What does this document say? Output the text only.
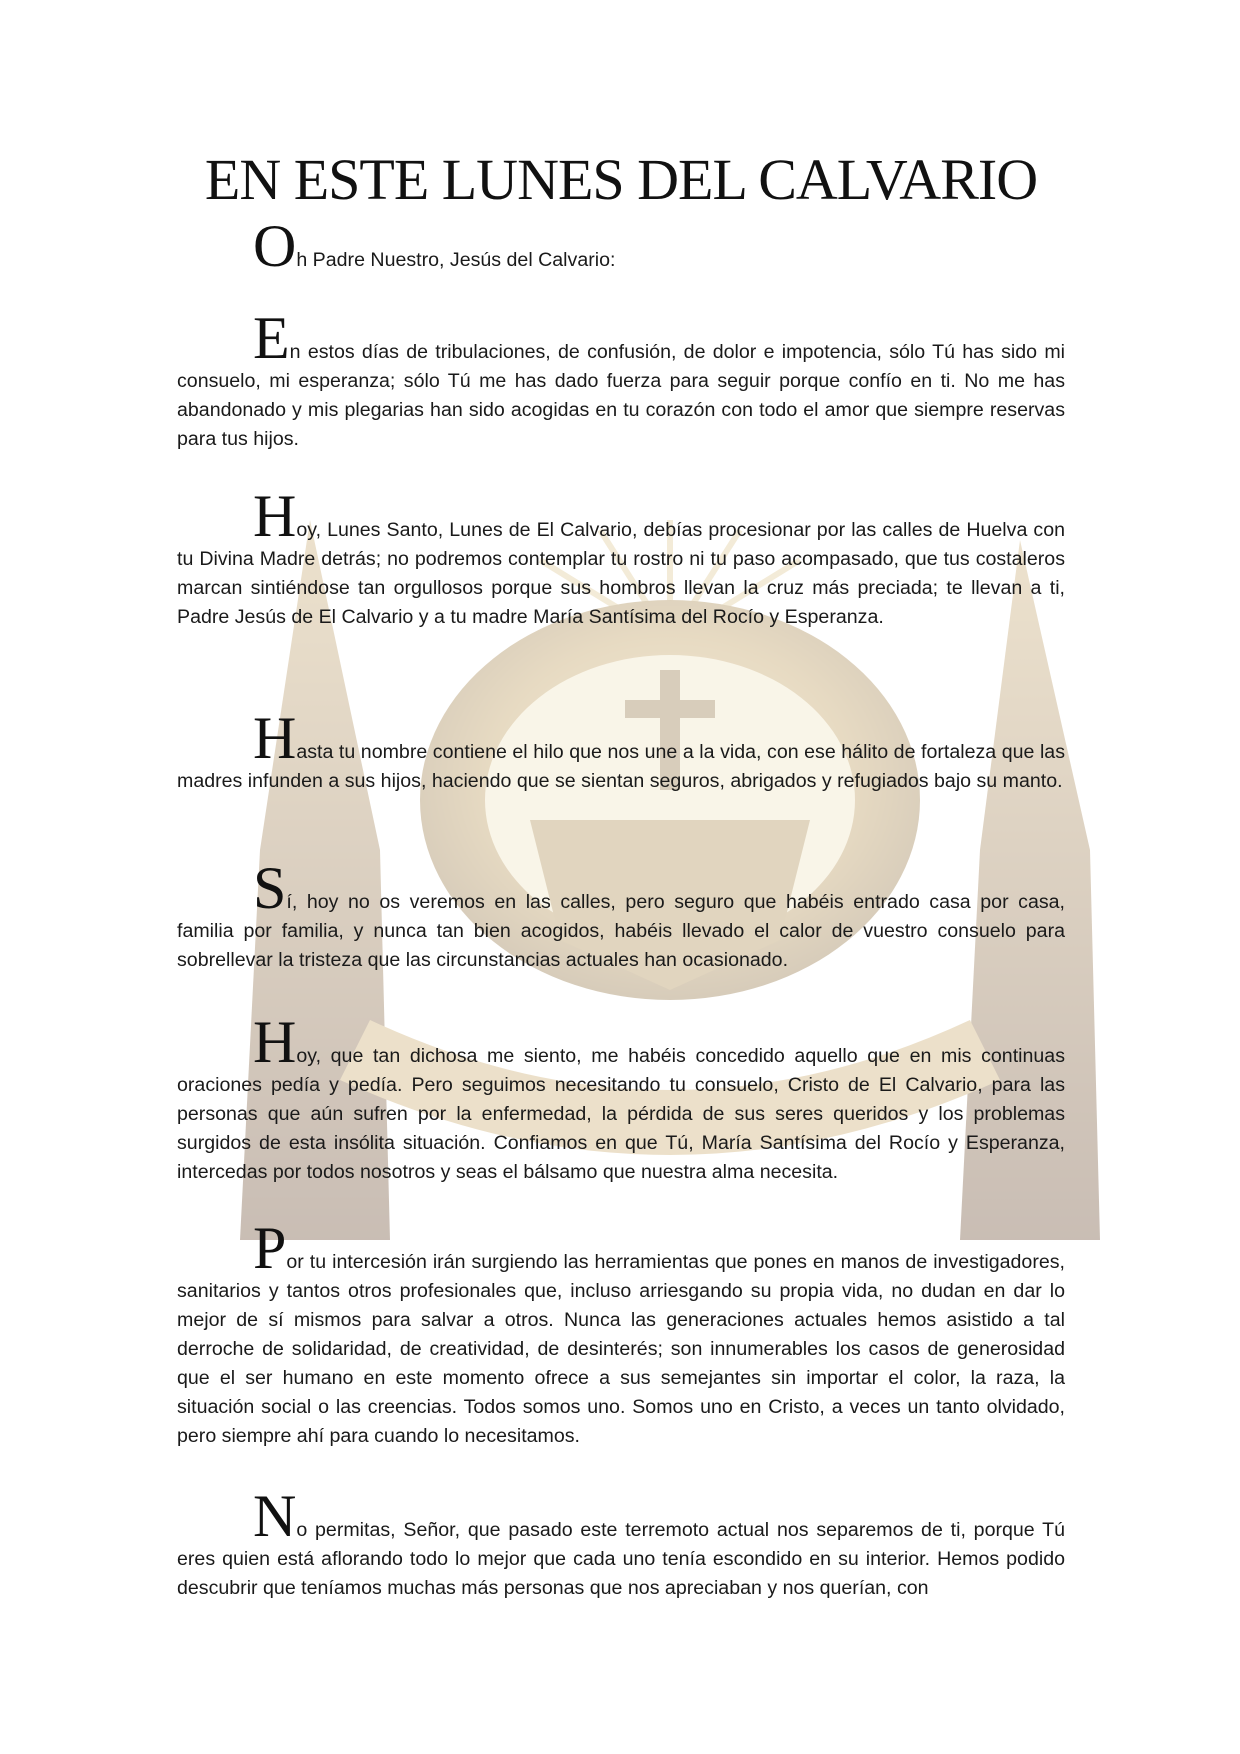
EN ESTE LUNES DEL CALVARIO

Oh Padre Nuestro, Jesús del Calvario:

En estos días de tribulaciones, de confusión, de dolor e impotencia, sólo Tú has sido mi consuelo, mi esperanza; sólo Tú me has dado fuerza para seguir porque confío en ti. No me has abandonado y mis plegarias han sido acogidas en tu corazón con todo el amor que siempre reservas para tus hijos.

Hoy, Lunes Santo, Lunes de El Calvario, debías procesionar por las calles de Huelva con tu Divina Madre detrás; no podremos contemplar tu rostro ni tu paso acompasado, que tus costaleros marcan sintiéndose tan orgullosos porque sus hombros llevan la cruz más preciada; te llevan a ti, Padre Jesús de El Calvario y a tu madre María Santísima del Rocío y Esperanza.

Hasta tu nombre contiene el hilo que nos une a la vida, con ese hálito de fortaleza que las madres infunden a sus hijos, haciendo que se sientan seguros, abrigados y refugiados bajo su manto.

Sí, hoy no os veremos en las calles, pero seguro que habéis entrado casa por casa, familia por familia, y nunca tan bien acogidos, habéis llevado el calor de vuestro consuelo para sobrellevar la tristeza que las circunstancias actuales han ocasionado.

Hoy, que tan dichosa me siento, me habéis concedido aquello que en mis continuas oraciones pedía y pedía. Pero seguimos necesitando tu consuelo, Cristo de El Calvario, para las personas que aún sufren por la enfermedad, la pérdida de sus seres queridos y los problemas surgidos de esta insólita situación. Confiamos en que Tú, María Santísima del Rocío y Esperanza, intercedas por todos nosotros y seas el bálsamo que nuestra alma necesita.

Por tu intercesión irán surgiendo las herramientas que pones en manos de investigadores, sanitarios y tantos otros profesionales que, incluso arriesgando su propia vida, no dudan en dar lo mejor de sí mismos para salvar a otros. Nunca las generaciones actuales hemos asistido a tal derroche de solidaridad, de creatividad, de desinterés; son innumerables los casos de generosidad que el ser humano en este momento ofrece a sus semejantes sin importar el color, la raza, la situación social o las creencias. Todos somos uno. Somos uno en Cristo, a veces un tanto olvidado, pero siempre ahí para cuando lo necesitamos.

No permitas, Señor, que pasado este terremoto actual nos separemos de ti, porque Tú eres quien está aflorando todo lo mejor que cada uno tenía escondido en su interior. Hemos podido descubrir que teníamos muchas más personas que nos apreciaban y nos querían, con
